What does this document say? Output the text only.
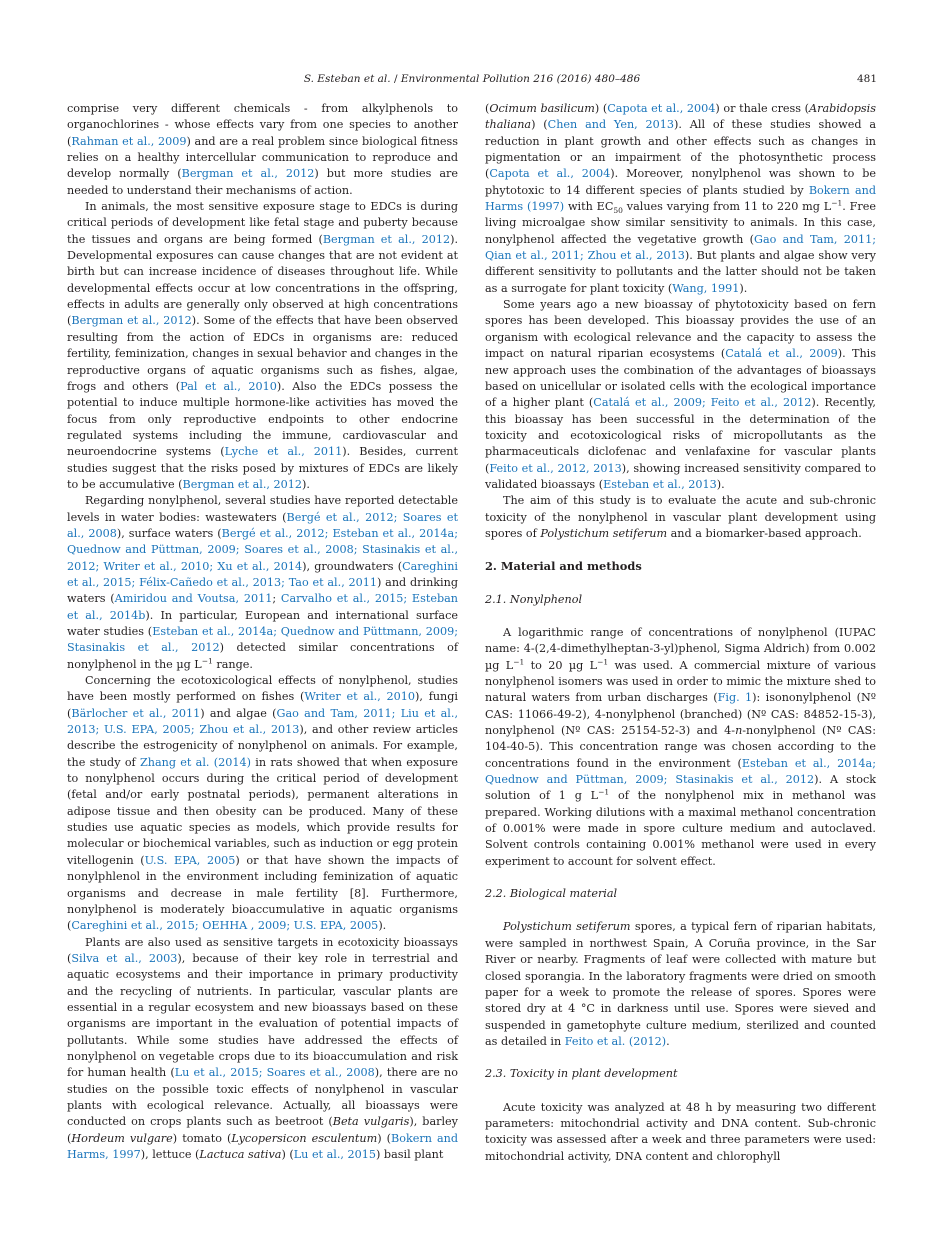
S. Esteban et al. / Environmental Pollution 216 (2016) 480–486	481

comprise very different chemicals - from alkylphenols to organochlorines - whose effects vary from one species to another (Rahman et al., 2009) and are a real problem since biological fitness relies on a healthy intercellular communication to reproduce and develop normally (Bergman et al., 2012) but more studies are needed to understand their mechanisms of action.

In animals, the most sensitive exposure stage to EDCs is during critical periods of development like fetal stage and puberty because the tissues and organs are being formed (Bergman et al., 2012). Developmental exposures can cause changes that are not evident at birth but can increase incidence of diseases throughout life. While developmental effects occur at low concentrations in the offspring, effects in adults are generally only observed at high concentrations (Bergman et al., 2012). Some of the effects that have been observed resulting from the action of EDCs in organisms are: reduced fertility, feminization, changes in sexual behavior and changes in the reproductive organs of aquatic organisms such as fishes, algae, frogs and others (Pal et al., 2010). Also the EDCs possess the potential to induce multiple hormone-like activities has moved the focus from only reproductive endpoints to other endocrine regulated systems including the immune, cardiovascular and neuroendocrine systems (Lyche et al., 2011). Besides, current studies suggest that the risks posed by mixtures of EDCs are likely to be accumulative (Bergman et al., 2012).

Regarding nonylphenol, several studies have reported detectable levels in water bodies: wastewaters (Bergé et al., 2012; Soares et al., 2008), surface waters (Bergé et al., 2012; Esteban et al., 2014a; Quednow and Püttman, 2009; Soares et al., 2008; Stasinakis et al., 2012; Writer et al., 2010; Xu et al., 2014), groundwaters (Careghini et al., 2015; Félix-Cañedo et al., 2013; Tao et al., 2011) and drinking waters (Amiridou and Voutsa, 2011; Carvalho et al., 2015; Esteban et al., 2014b). In particular, European and international surface water studies (Esteban et al., 2014a; Quednow and Püttmann, 2009; Stasinakis et al., 2012) detected similar concentrations of nonylphenol in the µg $L^{-1}$ range.

Concerning the ecotoxicological effects of nonylphenol, studies have been mostly performed on fishes (Writer et al., 2010), fungi (Bärlocher et al., 2011) and algae (Gao and Tam, 2011; Liu et al., 2013; U.S. EPA, 2005; Zhou et al., 2013), and other review articles describe the estrogenicity of nonylphenol on animals. For example, the study of Zhang et al. (2014) in rats showed that when exposure to nonylphenol occurs during the critical period of development (fetal and/or early postnatal periods), permanent alterations in adipose tissue and then obesity can be produced. Many of these studies use aquatic species as models, which provide results for molecular or biochemical variables, such as induction or egg protein vitellogenin (U.S. EPA, 2005) or that have shown the impacts of nonylphlenol in the environment including feminization of aquatic organisms and decrease in male fertility [8]. Furthermore, nonylphenol is moderately bioaccumulative in aquatic organisms (Careghini et al., 2015; OEHHA , 2009; U.S. EPA, 2005).

Plants are also used as sensitive targets in ecotoxicity bioassays (Silva et al., 2003), because of their key role in terrestrial and aquatic ecosystems and their importance in primary productivity and the recycling of nutrients. In particular, vascular plants are essential in a regular ecosystem and new bioassays based on these organisms are important in the evaluation of potential impacts of pollutants. While some studies have addressed the effects of nonylphenol on vegetable crops due to its bioaccumulation and risk for human health (Lu et al., 2015; Soares et al., 2008), there are no studies on the possible toxic effects of nonylphenol in vascular plants with ecological relevance. Actually, all bioassays were conducted on crops plants such as beetroot (Beta vulgaris), barley (Hordeum vulgare) tomato (Lycopersicon esculentum) (Bokern and Harms, 1997), lettuce (Lactuca sativa) (Lu et al., 2015) basil plant

(Ocimum basilicum) (Capota et al., 2004) or thale cress (Arabidopsis thaliana) (Chen and Yen, 2013). All of these studies showed a reduction in plant growth and other effects such as changes in pigmentation or an impairment of the photosynthetic process (Capota et al., 2004). Moreover, nonylphenol was shown to be phytotoxic to 14 different species of plants studied by Bokern and Harms (1997) with $EC_{50}$ values varying from 11 to 220 mg $L^{-1}$. Free living microalgae show similar sensitivity to animals. In this case, nonylphenol affected the vegetative growth (Gao and Tam, 2011; Qian et al., 2011; Zhou et al., 2013). But plants and algae show very different sensitivity to pollutants and the latter should not be taken as a surrogate for plant toxicity (Wang, 1991).

Some years ago a new bioassay of phytotoxicity based on fern spores has been developed. This bioassay provides the use of an organism with ecological relevance and the capacity to assess the impact on natural riparian ecosystems (Catalá et al., 2009). This new approach uses the combination of the advantages of bioassays based on unicellular or isolated cells with the ecological importance of a higher plant (Catalá et al., 2009; Feito et al., 2012). Recently, this bioassay has been successful in the determination of the toxicity and ecotoxicological risks of micropollutants as the pharmaceuticals diclofenac and venlafaxine for vascular plants (Feito et al., 2012, 2013), showing increased sensitivity compared to validated bioassays (Esteban et al., 2013).

The aim of this study is to evaluate the acute and sub-chronic toxicity of the nonylphenol in vascular plant development using spores of Polystichum setiferum and a biomarker-based approach.

2. Material and methods
2.1. Nonylphenol

A logarithmic range of concentrations of nonylphenol (IUPAC name: 4-(2,4-dimethylheptan-3-yl)phenol, Sigma Aldrich) from 0.002 µg $L^{-1}$ to 20 µg $L^{-1}$ was used. A commercial mixture of various nonylphenol isomers was used in order to mimic the mixture shed to natural waters from urban discharges (Fig. 1): isononylphenol (Nº CAS: 11066-49-2), 4-nonylphenol (branched) (Nº CAS: 84852-15-3), nonylphenol (Nº CAS: 25154-52-3) and 4-n-nonylphenol (Nº CAS: 104-40-5). This concentration range was chosen according to the concentrations found in the environment (Esteban et al., 2014a; Quednow and Püttman, 2009; Stasinakis et al., 2012). A stock solution of 1 g $L^{-1}$ of the nonylphenol mix in methanol was prepared. Working dilutions with a maximal methanol concentration of 0.001% were made in spore culture medium and autoclaved. Solvent controls containing 0.001% methanol were used in every experiment to account for solvent effect.

2.2. Biological material

Polystichum setiferum spores, a typical fern of riparian habitats, were sampled in northwest Spain, A Coruña province, in the Sar River or nearby. Fragments of leaf were collected with mature but closed sporangia. In the laboratory fragments were dried on smooth paper for a week to promote the release of spores. Spores were stored dry at 4 °C in darkness until use. Spores were sieved and suspended in gametophyte culture medium, sterilized and counted as detailed in Feito et al. (2012).

2.3. Toxicity in plant development

Acute toxicity was analyzed at 48 h by measuring two different parameters: mitochondrial activity and DNA content. Sub-chronic toxicity was assessed after a week and three parameters were used: mitochondrial activity, DNA content and chlorophyll
